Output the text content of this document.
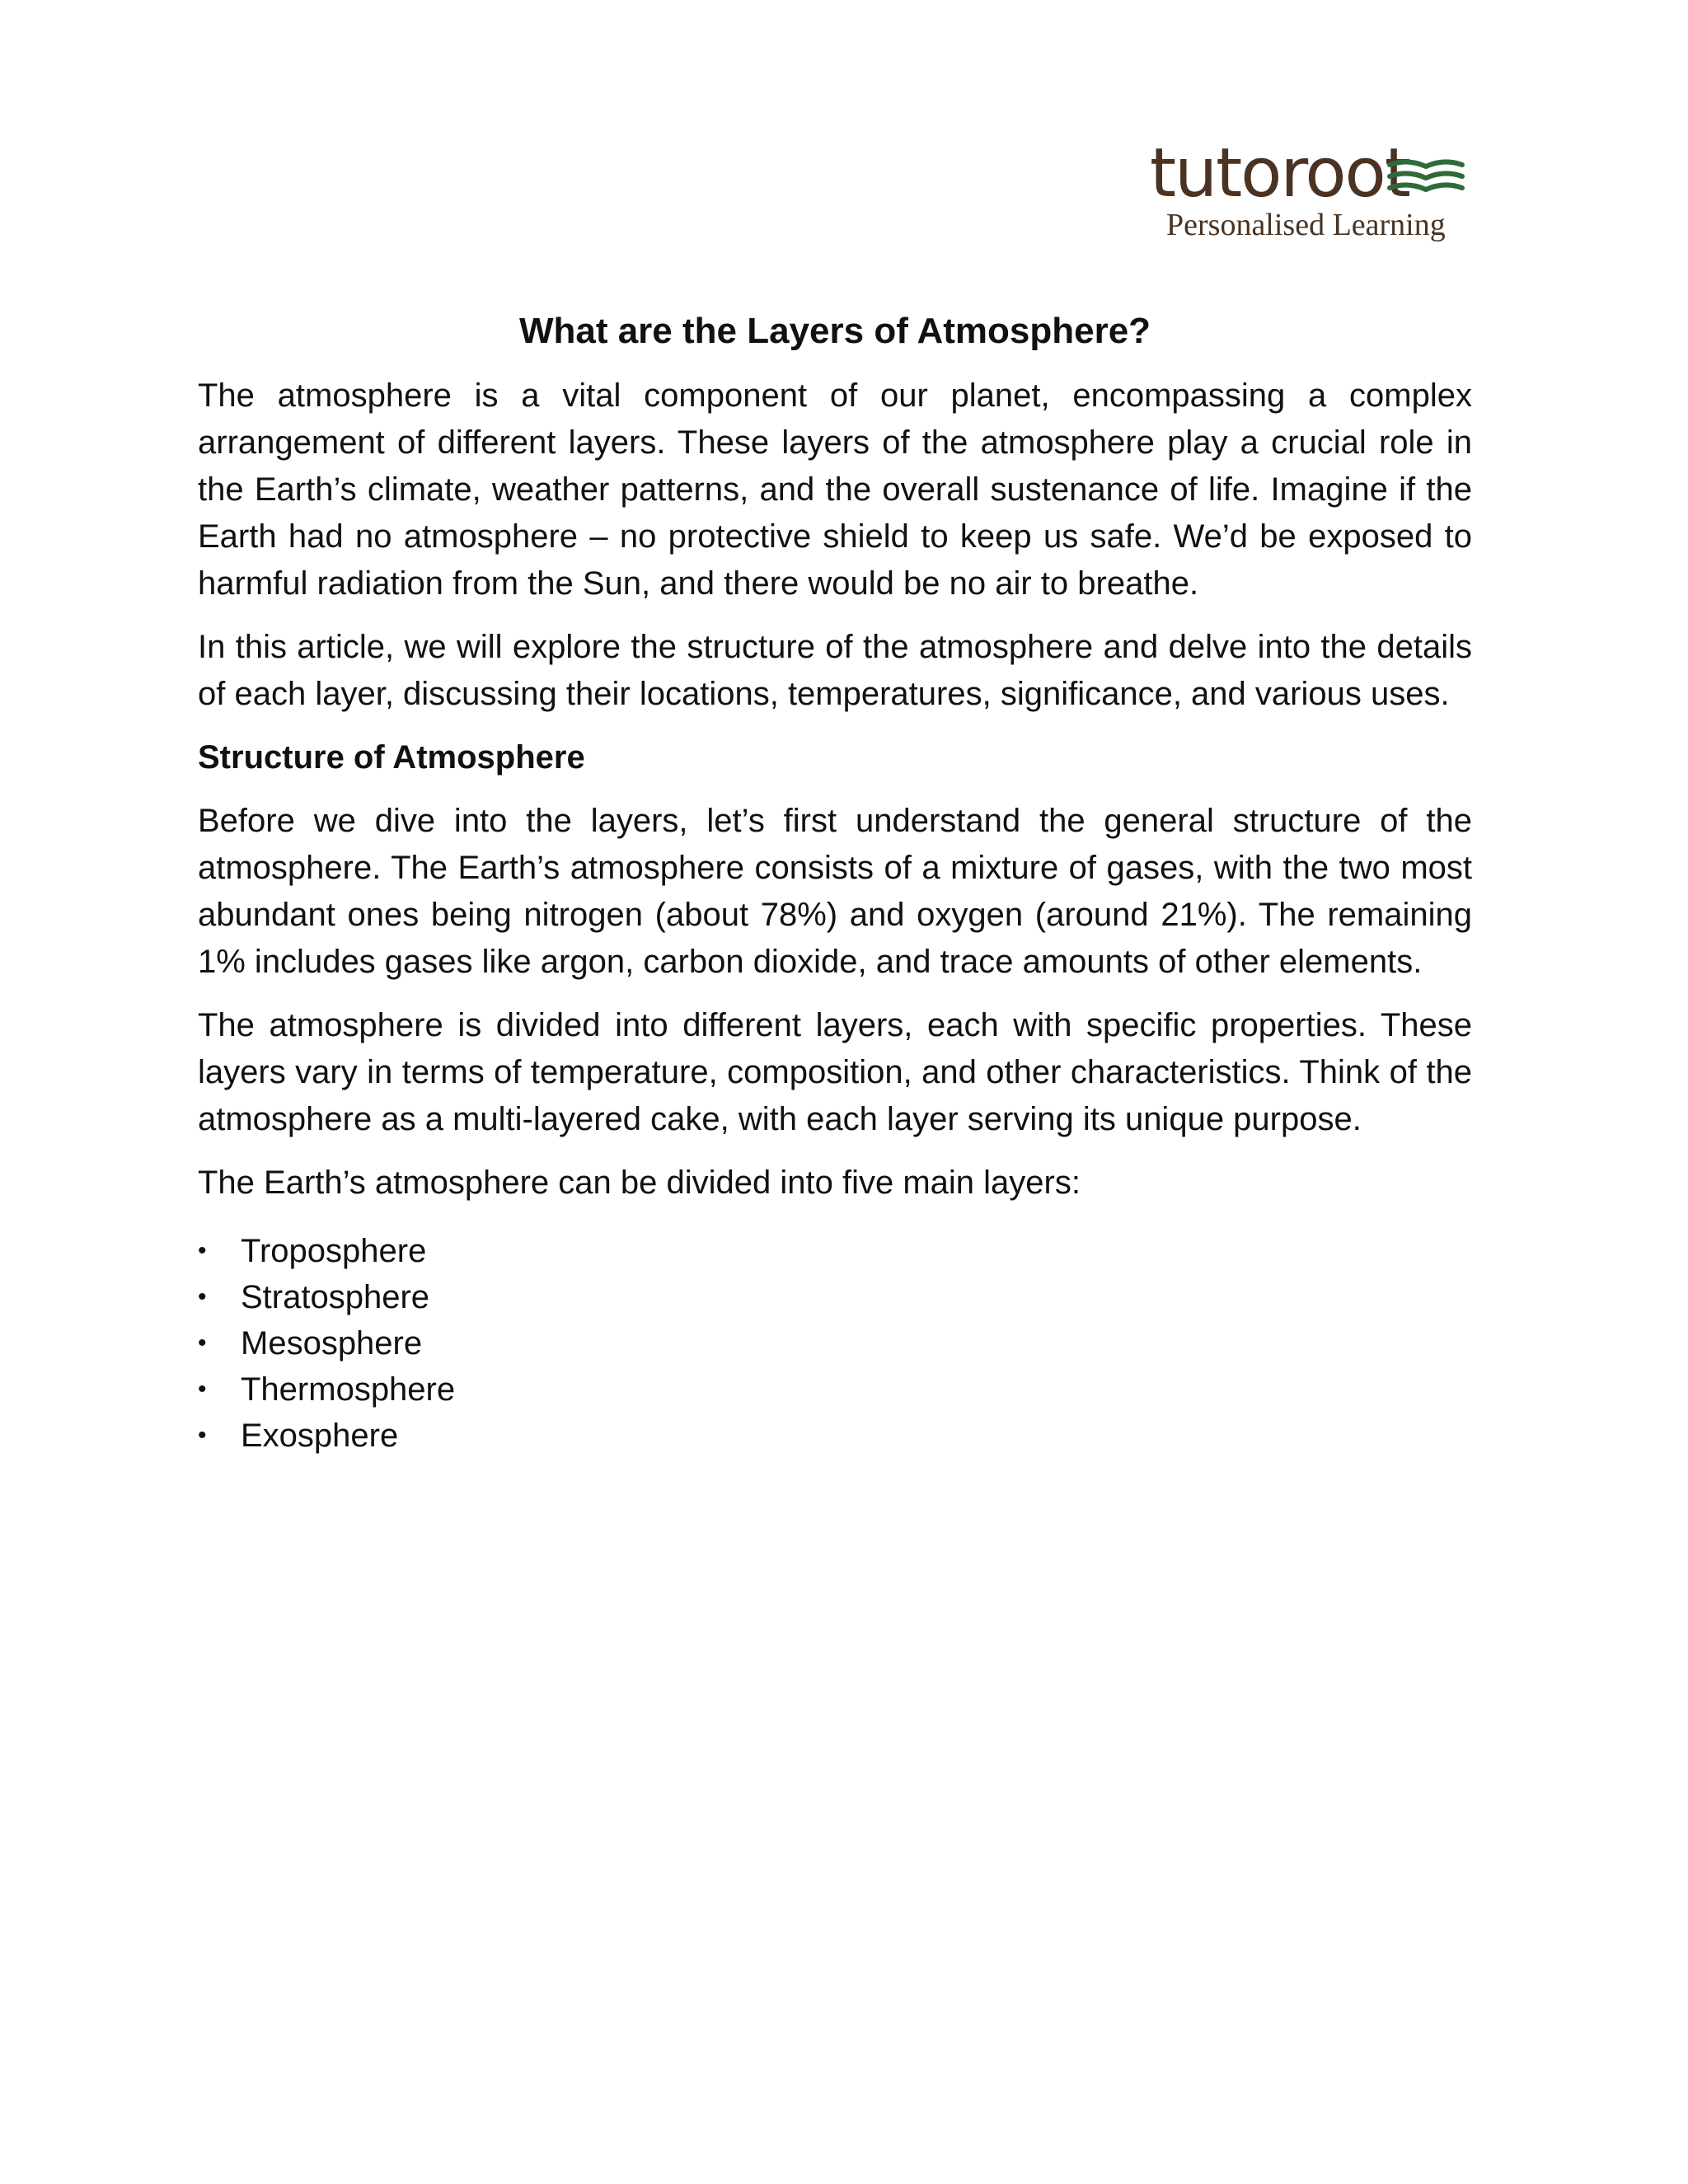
tutoroot
Personalised Learning
What are the Layers of Atmosphere?

The atmosphere is a vital component of our planet, encompassing a complex arrangement of different layers. These layers of the atmosphere play a crucial role in the Earth’s climate, weather patterns, and the overall sustenance of life. Imagine if the Earth had no atmosphere – no protective shield to keep us safe. We’d be exposed to harmful radiation from the Sun, and there would be no air to breathe.

In this article, we will explore the structure of the atmosphere and delve into the details of each layer, discussing their locations, temperatures, significance, and various uses.

Structure of Atmosphere

Before we dive into the layers, let’s first understand the general structure of the atmosphere. The Earth’s atmosphere consists of a mixture of gases, with the two most abundant ones being nitrogen (about 78%) and oxygen (around 21%). The remaining 1% includes gases like argon, carbon dioxide, and trace amounts of other elements.

The atmosphere is divided into different layers, each with specific properties. These layers vary in terms of temperature, composition, and other characteristics. Think of the atmosphere as a multi-layered cake, with each layer serving its unique purpose.

The Earth’s atmosphere can be divided into five main layers:

•	Troposphere
•	Stratosphere
•	Mesosphere
•	Thermosphere
•	Exosphere
